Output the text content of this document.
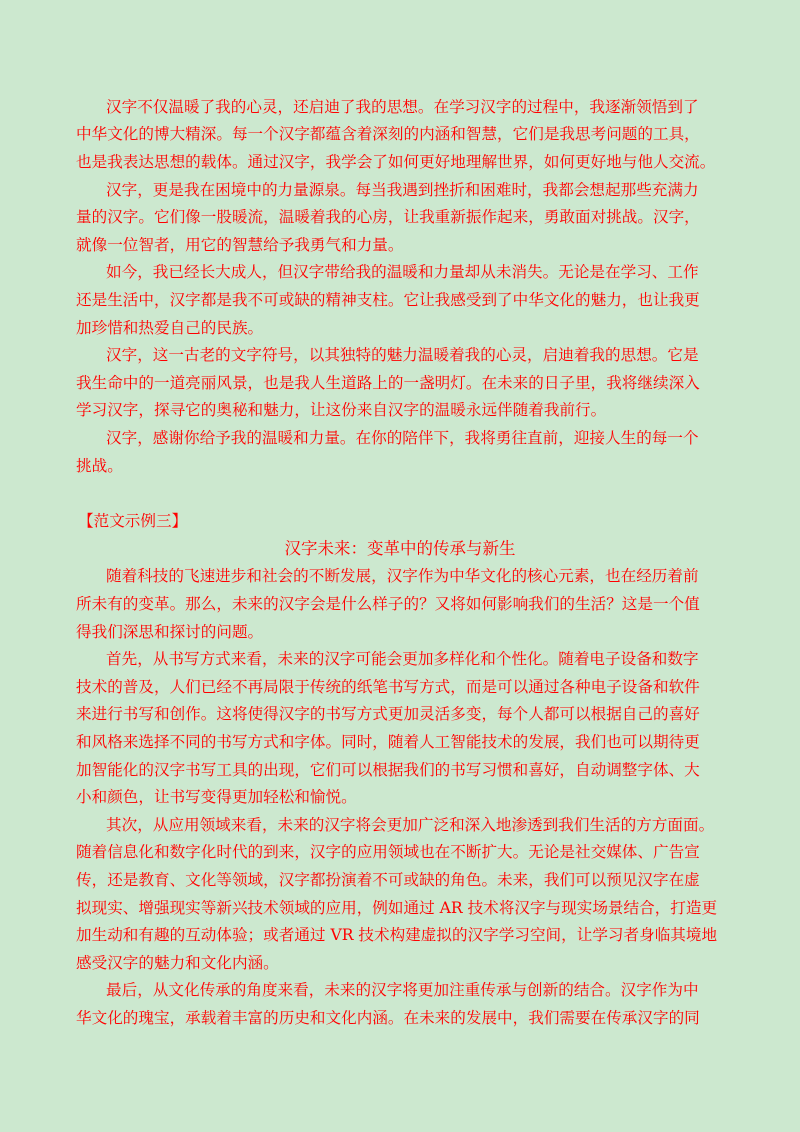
汉字不仅温暖了我的心灵，还启迪了我的思想。在学习汉字的过程中，我逐渐领悟到了
中华文化的博大精深。每一个汉字都蕴含着深刻的内涵和智慧，它们是我思考问题的工具，
也是我表达思想的载体。通过汉字，我学会了如何更好地理解世界，如何更好地与他人交流。
汉字，更是我在困境中的力量源泉。每当我遇到挫折和困难时，我都会想起那些充满力
量的汉字。它们像一股暖流，温暖着我的心房，让我重新振作起来，勇敢面对挑战。汉字，
就像一位智者，用它的智慧给予我勇气和力量。
如今，我已经长大成人，但汉字带给我的温暖和力量却从未消失。无论是在学习、工作
还是生活中，汉字都是我不可或缺的精神支柱。它让我感受到了中华文化的魅力，也让我更
加珍惜和热爱自己的民族。
汉字，这一古老的文字符号，以其独特的魅力温暖着我的心灵，启迪着我的思想。它是
我生命中的一道亮丽风景，也是我人生道路上的一盏明灯。在未来的日子里，我将继续深入
学习汉字，探寻它的奥秘和魅力，让这份来自汉字的温暖永远伴随着我前行。
汉字，感谢你给予我的温暖和力量。在你的陪伴下，我将勇往直前，迎接人生的每一个
挑战。
【范文示例三】
汉字未来：变革中的传承与新生
随着科技的飞速进步和社会的不断发展，汉字作为中华文化的核心元素，也在经历着前
所未有的变革。那么，未来的汉字会是什么样子的？又将如何影响我们的生活？这是一个值
得我们深思和探讨的问题。
首先，从书写方式来看，未来的汉字可能会更加多样化和个性化。随着电子设备和数字
技术的普及，人们已经不再局限于传统的纸笔书写方式，而是可以通过各种电子设备和软件
来进行书写和创作。这将使得汉字的书写方式更加灵活多变，每个人都可以根据自己的喜好
和风格来选择不同的书写方式和字体。同时，随着人工智能技术的发展，我们也可以期待更
加智能化的汉字书写工具的出现，它们可以根据我们的书写习惯和喜好，自动调整字体、大
小和颜色，让书写变得更加轻松和愉悦。
其次，从应用领域来看，未来的汉字将会更加广泛和深入地渗透到我们生活的方方面面。
随着信息化和数字化时代的到来，汉字的应用领域也在不断扩大。无论是社交媒体、广告宣
传，还是教育、文化等领域，汉字都扮演着不可或缺的角色。未来，我们可以预见汉字在虚
拟现实、增强现实等新兴技术领域的应用，例如通过 AR 技术将汉字与现实场景结合，打造更
加生动和有趣的互动体验；或者通过 VR 技术构建虚拟的汉字学习空间，让学习者身临其境地
感受汉字的魅力和文化内涵。
最后，从文化传承的角度来看，未来的汉字将更加注重传承与创新的结合。汉字作为中
华文化的瑰宝，承载着丰富的历史和文化内涵。在未来的发展中，我们需要在传承汉字的同
